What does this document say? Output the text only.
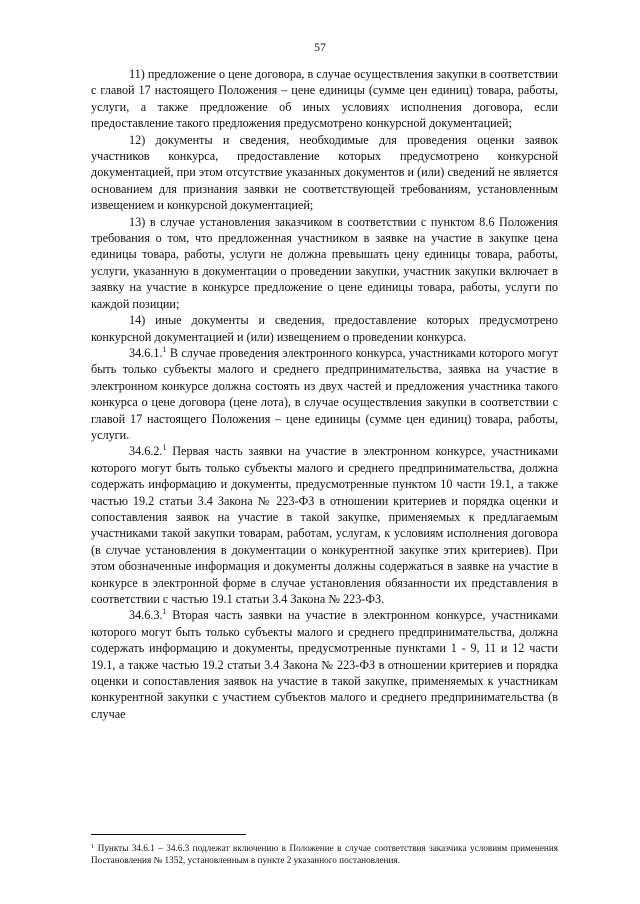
57

11) предложение о цене договора, в случае осуществления закупки в соответствии с главой 17 настоящего Положения – цене единицы (сумме цен единиц) товара, работы, услуги, а также предложение об иных условиях исполнения договора, если предоставление такого предложения предусмотрено конкурсной документацией;

12) документы и сведения, необходимые для проведения оценки заявок участников конкурса, предоставление которых предусмотрено конкурсной документацией, при этом отсутствие указанных документов и (или) сведений не является основанием для признания заявки не соответствующей требованиям, установленным извещением и конкурсной документацией;

13) в случае установления заказчиком в соответствии с пунктом 8.6 Положения требования о том, что предложенная участником в заявке на участие в закупке цена единицы товара, работы, услуги не должна превышать цену единицы товара, работы, услуги, указанную в документации о проведении закупки, участник закупки включает в заявку на участие в конкурсе предложение о цене единицы товара, работы, услуги по каждой позиции;

14) иные документы и сведения, предоставление которых предусмотрено конкурсной документацией и (или) извещением о проведении конкурса.

34.6.1.$^1$ В случае проведения электронного конкурса, участниками которого могут быть только субъекты малого и среднего предпринимательства, заявка на участие в электронном конкурсе должна состоять из двух частей и предложения участника такого конкурса о цене договора (цене лота), в случае осуществления закупки в соответствии с главой 17 настоящего Положения – цене единицы (сумме цен единиц) товара, работы, услуги.

34.6.2.$^1$ Первая часть заявки на участие в электронном конкурсе, участниками которого могут быть только субъекты малого и среднего предпринимательства, должна содержать информацию и документы, предусмотренные пунктом 10 части 19.1, а также частью 19.2 статьи 3.4 Закона № 223-ФЗ в отношении критериев и порядка оценки и сопоставления заявок на участие в такой закупке, применяемых к предлагаемым участниками такой закупки товарам, работам, услугам, к условиям исполнения договора (в случае установления в документации о конкурентной закупке этих критериев). При этом обозначенные информация и документы должны содержаться в заявке на участие в конкурсе в электронной форме в случае установления обязанности их представления в соответствии с частью 19.1 статьи 3.4 Закона № 223-ФЗ.

34.6.3.$^1$ Вторая часть заявки на участие в электронном конкурсе, участниками которого могут быть только субъекты малого и среднего предпринимательства, должна содержать информацию и документы, предусмотренные пунктами 1 - 9, 11 и 12 части 19.1, а также частью 19.2 статьи 3.4 Закона № 223-ФЗ в отношении критериев и порядка оценки и сопоставления заявок на участие в такой закупке, применяемых к участникам конкурентной закупки с участием субъектов малого и среднего предпринимательства (в случае

$^1$ Пункты 34.6.1 – 34.6.3 подлежат включению в Положение в случае соответствия заказчика условиям применения Постановления № 1352, установленным в пункте 2 указанного постановления.
